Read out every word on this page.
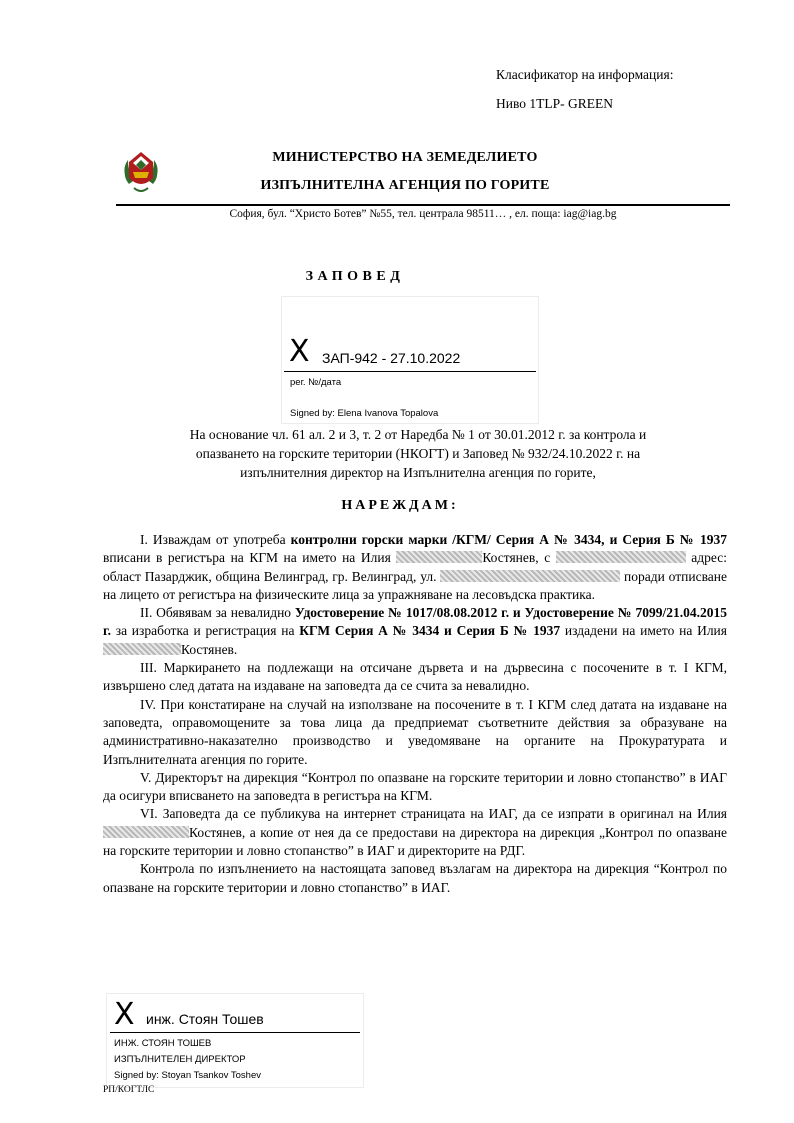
Класификатор на информация:
Ниво 1TLP- GREEN
МИНИСТЕРСТВО НА ЗЕМЕДЕЛИЕТО
ИЗПЪЛНИТЕЛНА АГЕНЦИЯ ПО ГОРИТЕ
София, бул. “Христо Ботев” №55, тел. централа 98511… , ел. поща: iag@iag.bg
ЗАПОВЕД
X ЗАП-942 - 27.10.2022
рег. №/дата
Signed by: Elena Ivanova Topalova
На основание чл. 61 ал. 2 и 3, т. 2 от Наредба № 1 от 30.01.2012 г. за контрола и
опазването на горските територии (НКОГТ) и Заповед № 932/24.10.2022 г. на
изпълнителния директор на Изпълнителна агенция по горите,
НАРЕЖДАМ:

I. Изваждам от употреба контролни горски марки /КГМ/ Серия А № 3434, и Серия Б № 1937 вписани в регистъра на КГМ на името на Илия	Костянев, с	адрес: област Пазарджик, община Велинград, гр. Велинград, ул.	поради отписване на лицето от регистъра на физическите лица за упражняване на лесовъдска практика.

II. Обявявам за невалидно Удостоверение № 1017/08.08.2012 г. и Удостоверение № 7099/21.04.2015 г. за изработка и регистрация на КГМ Серия А № 3434 и Серия Б № 1937 издадени на името на Илия Костянев.

III. Маркирането на подлежащи на отсичане дървета и на дървесина с посочените в т. I КГМ, извършено след датата на издаване на заповедта да се счита за невалидно.

IV. При констатиране на случай на използване на посочените в т. I КГМ след датата на издаване на заповедта, оправомощените за това лица да предприемат съответните действия за образуване на административно-наказателно производство и уведомяване на органите на Прокуратурата и Изпълнителната агенция по горите.

V. Директорът на дирекция “Контрол по опазване на горските територии и ловно стопанство” в ИАГ да осигури вписването на заповедта в регистъра на КГМ.

VI. Заповедта да се публикува на интернет страницата на ИАГ, да се изпрати в оригинал на Илия Костянев, а копие от нея да се предостави на директора на дирекция „Контрол по опазване на горските територии и ловно стопанство” в ИАГ и директорите на РДГ.

Контрола по изпълнението на настоящата заповед възлагам на директора на дирекция “Контрол по опазване на горските територии и ловно стопанство” в ИАГ.

X инж. Стоян Тошев
ИНЖ. СТОЯН ТОШЕВ
ИЗПЪЛНИТЕЛЕН ДИРЕКТОР
Signed by: Stoyan Tsankov Toshev
РП/КОГТЛС
